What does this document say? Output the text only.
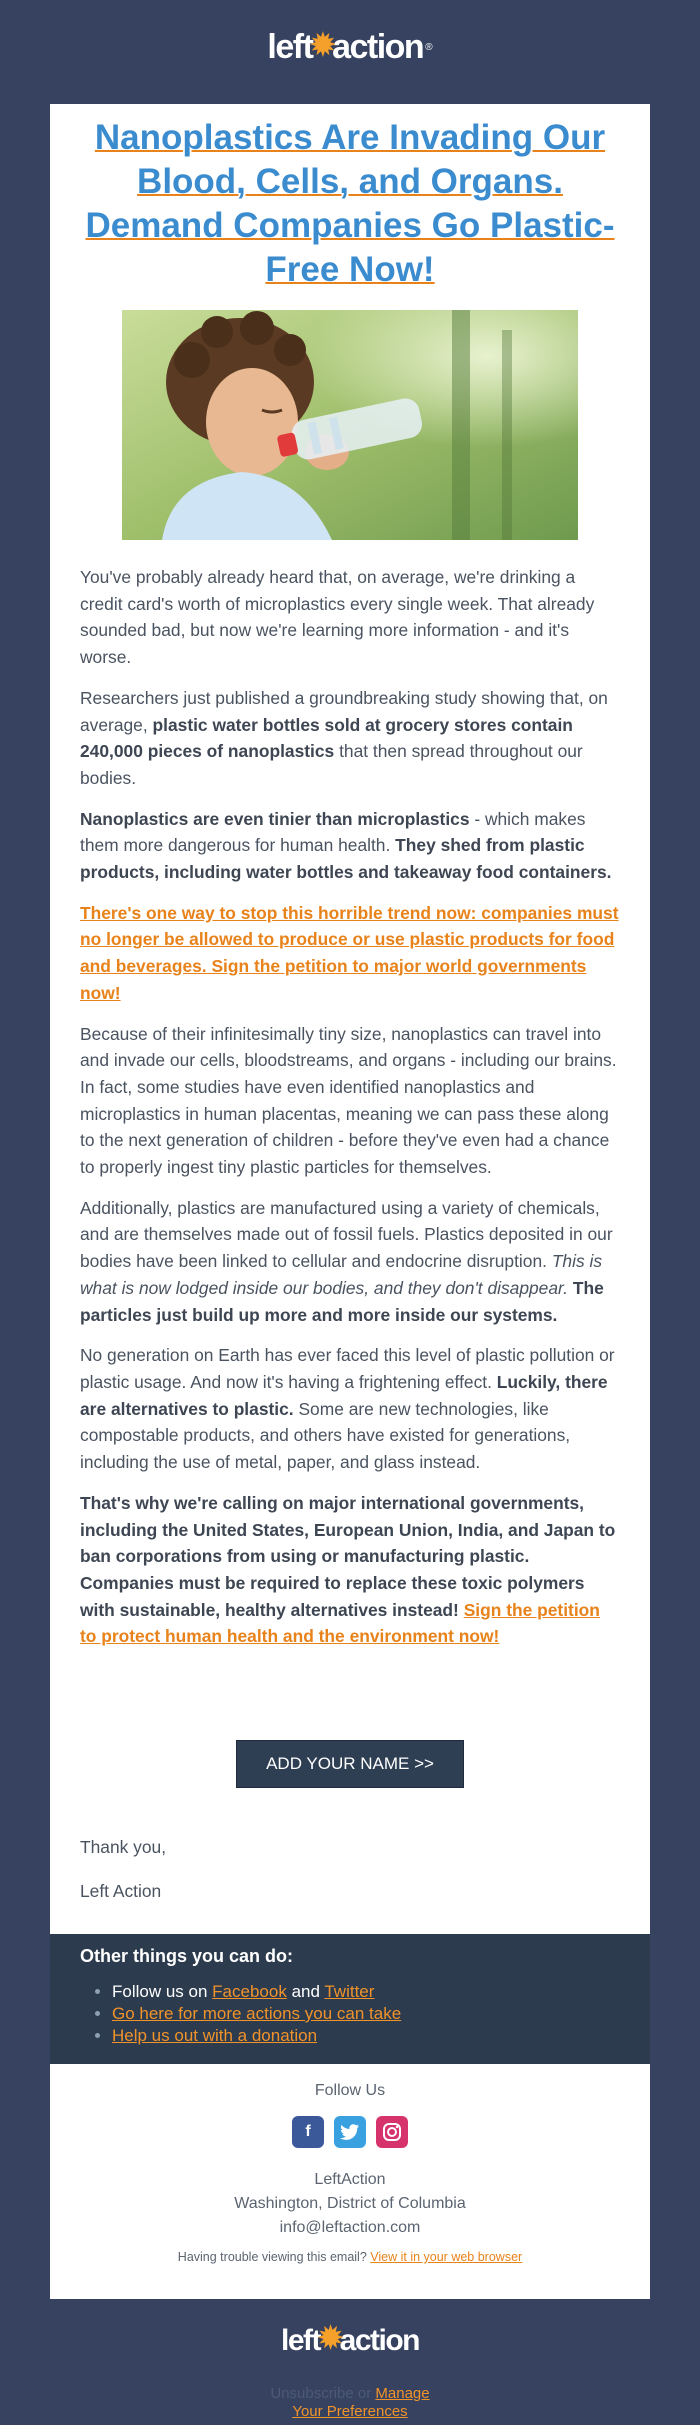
left
✹
action ®
Nanoplastics Are Invading Our Blood, Cells, and Organs. Demand Companies Go Plastic-Free Now!

You've probably already heard that, on average, we're drinking a credit card's worth of microplastics every single week. That already sounded bad, but now we're learning more information - and it's worse.

Researchers just published a groundbreaking study showing that, on average, plastic water bottles sold at grocery stores contain 240,000 pieces of nanoplastics that then spread throughout our bodies.

Nanoplastics are even tinier than microplastics - which makes them more dangerous for human health. They shed from plastic products, including water bottles and takeaway food containers.

There's one way to stop this horrible trend now: companies must no longer be allowed to produce or use plastic products for food and beverages. Sign the petition to major world governments now!

Because of their infinitesimally tiny size, nanoplastics can travel into and invade our cells, bloodstreams, and organs - including our brains. In fact, some studies have even identified nanoplastics and microplastics in human placentas, meaning we can pass these along to the next generation of children - before they've even had a chance to properly ingest tiny plastic particles for themselves.

Additionally, plastics are manufactured using a variety of chemicals, and are themselves made out of fossil fuels. Plastics deposited in our bodies have been linked to cellular and endocrine disruption. This is what is now lodged inside our bodies, and they don't disappear. The particles just build up more and more inside our systems.

No generation on Earth has ever faced this level of plastic pollution or plastic usage. And now it's having a frightening effect. Luckily, there are alternatives to plastic. Some are new technologies, like compostable products, and others have existed for generations, including the use of metal, paper, and glass instead.

That's why we're calling on major international governments, including the United States, European Union, India, and Japan to ban corporations from using or manufacturing plastic. Companies must be required to replace these toxic polymers with sustainable, healthy alternatives instead! Sign the petition to protect human health and the environment now!

ADD YOUR NAME >>

Thank you,

Left Action

Other things you can do:
• Follow us on Facebook and Twitter
• Go here for more actions you can take
• Help us out with a donation
Follow Us
f
LeftAction
Washington, District of Columbia
info@leftaction.com
Having trouble viewing this email? View it in your web browser
left
✹
action
Unsubscribe or Manage
Your Preferences
